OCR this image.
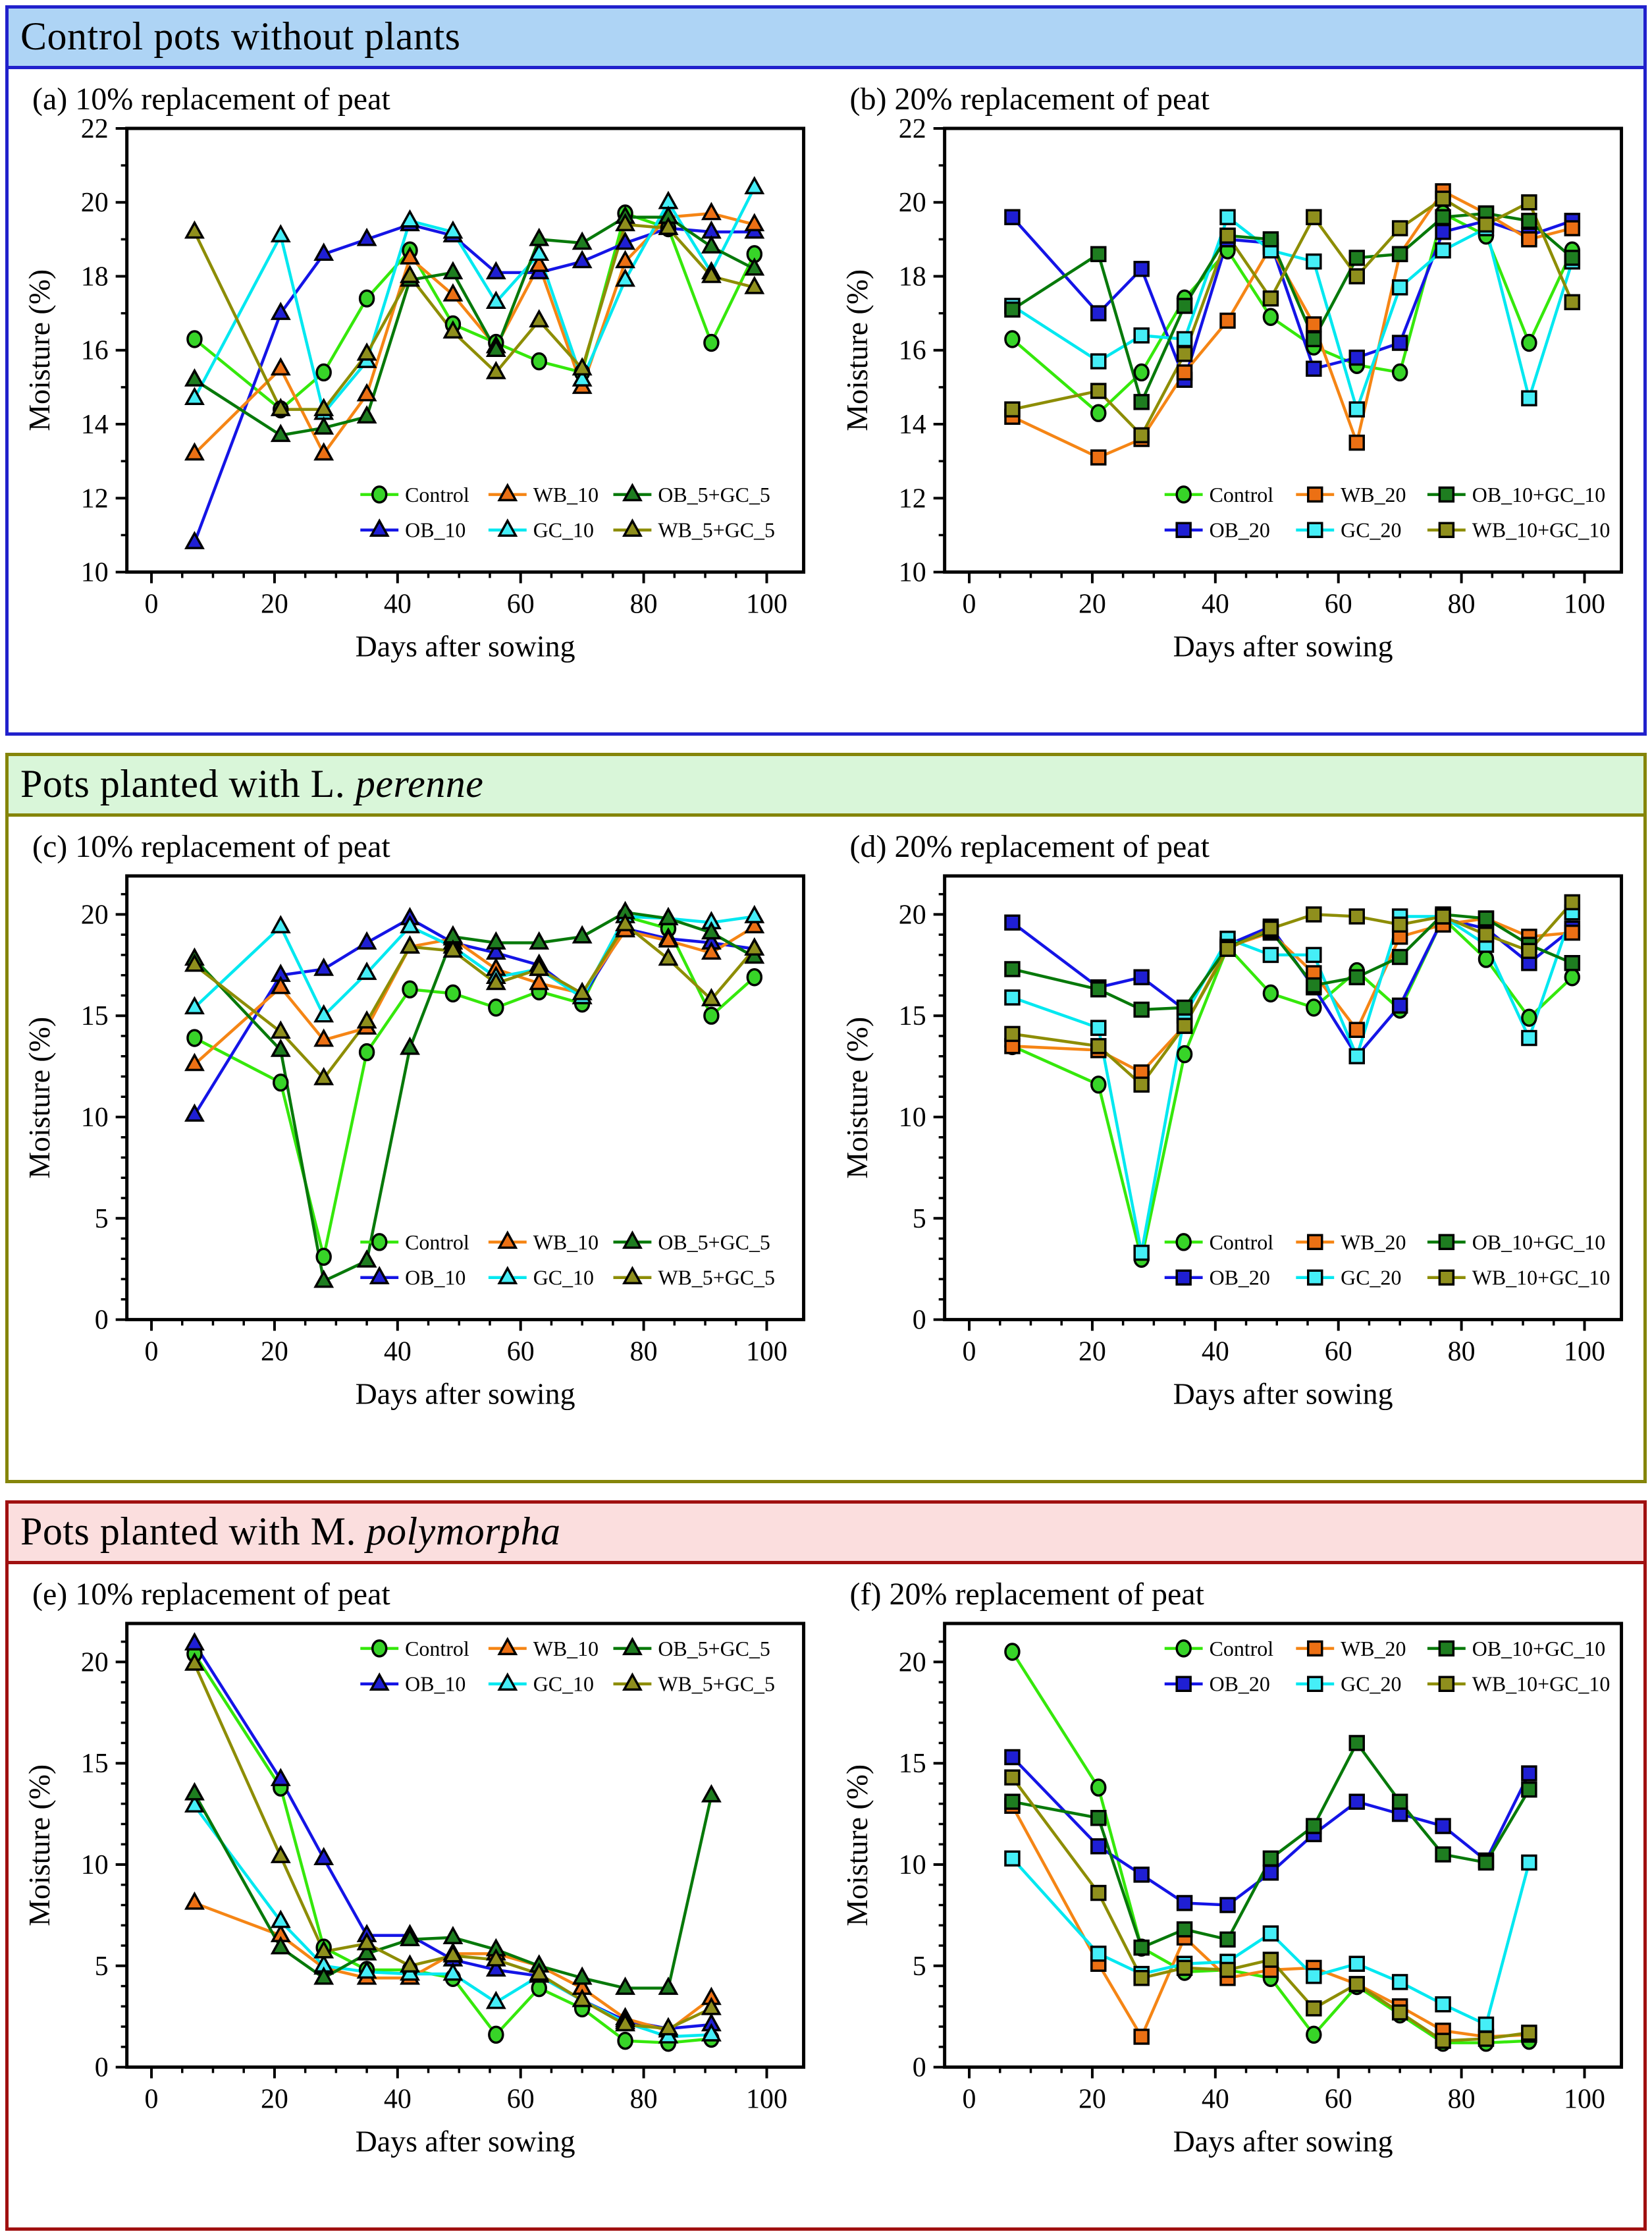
Control pots without plants
(a) 10% replacement of peat
0	20	40	60	80	100
10
12
14
16
18
20
22
Days after sowing
Moisture (%)
Control	WB_10	OB_5+GC_5
OB_10	GC_10	WB_5+GC_5
(b) 20% replacement of peat
0	20	40	60	80	100
10
12
14
16
18
20
22
Days after sowing
Moisture (%)
Control	WB_20	OB_10+GC_10
OB_20	GC_20	WB_10+GC_10
Pots planted with L. perenne
(c) 10% replacement of peat
0	20	40	60	80	100
0
5
10
15
20
Days after sowing
Moisture (%)
Control	WB_10	OB_5+GC_5
OB_10	GC_10	WB_5+GC_5
(d) 20% replacement of peat
0	20	40	60	80	100
0
5
10
15
20
Days after sowing
Moisture (%)
Control	WB_20	OB_10+GC_10
OB_20	GC_20	WB_10+GC_10
Pots planted with M. polymorpha
(e) 10% replacement of peat
0	20	40	60	80	100
0
5
10
15
20
Days after sowing
Moisture (%)
Control	WB_10	OB_5+GC_5
OB_10	GC_10	WB_5+GC_5
(f) 20% replacement of peat
0	20	40	60	80	100
0
5
10
15
20
Days after sowing
Moisture (%)
Control	WB_20	OB_10+GC_10
OB_20	GC_20	WB_10+GC_10
